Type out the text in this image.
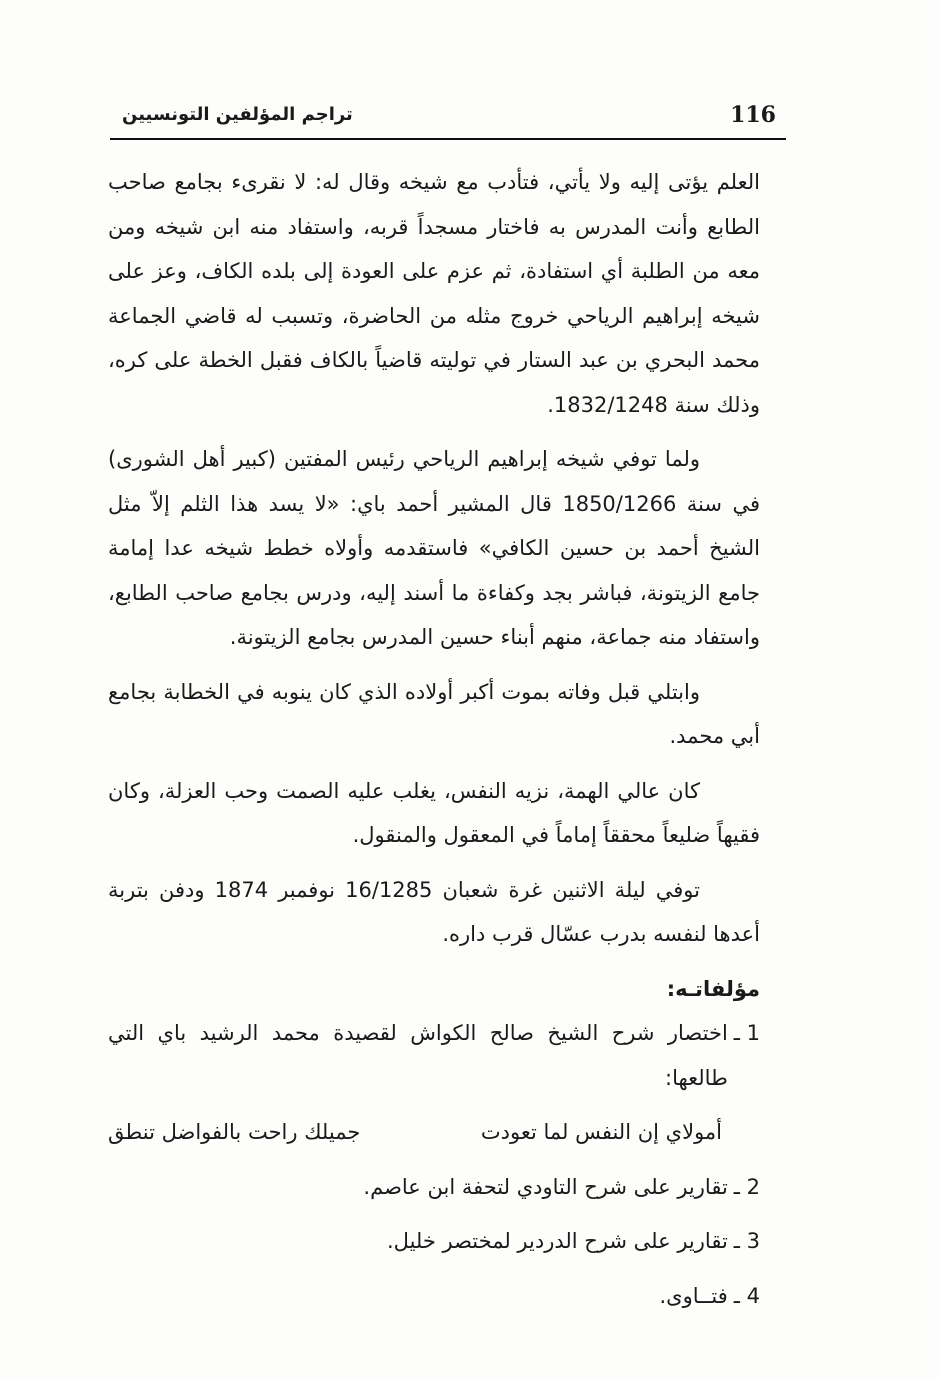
116
تراجم المؤلفين التونسيين

العلم يؤتى إليه ولا يأتي، فتأدب مع شيخه وقال له: لا نقرىء بجامع صاحب الطابع وأنت المدرس به فاختار مسجداً قربه، واستفاد منه ابن شيخه ومن معه من الطلبة أي استفادة، ثم عزم على العودة إلى بلده الكاف، وعز على شيخه إبراهيم الرياحي خروج مثله من الحاضرة، وتسبب له قاضي الجماعة محمد البحري بن عبد الستار في توليته قاضياً بالكاف فقبل الخطة على كره، وذلك سنة 1832/1248.

ولما توفي شيخه إبراهيم الرياحي رئيس المفتين (كبير أهل الشورى) في سنة 1850/1266 قال المشير أحمد باي: «لا يسد هذا الثلم إلاّ مثل الشيخ أحمد بن حسين الكافي» فاستقدمه وأولاه خطط شيخه عدا إمامة جامع الزيتونة، فباشر بجد وكفاءة ما أسند إليه، ودرس بجامع صاحب الطابع، واستفاد منه جماعة، منهم أبناء حسين المدرس بجامع الزيتونة.

وابتلي قبل وفاته بموت أكبر أولاده الذي كان ينوبه في الخطابة بجامع أبي محمد.

كان عالي الهمة، نزيه النفس، يغلب عليه الصمت وحب العزلة، وكان فقيهاً ضليعاً محققاً إماماً في المعقول والمنقول.

توفي ليلة الاثنين غرة شعبان 16/1285 نوفمبر 1874 ودفن بتربة أعدها لنفسه بدرب عسّال قرب داره.

مؤلفاتـه:
1 ـ
اختصار شرح الشيخ صالح الكواش لقصيدة محمد الرشيد باي التي طالعها:
أمولاي إن النفس لما تعودت
جميلك راحت بالفواضل تنطق
2 ـ
تقارير على شرح التاودي لتحفة ابن عاصم.
3 ـ
تقارير على شرح الدردير لمختصر خليل.
4 ـ
فتــاوى.
